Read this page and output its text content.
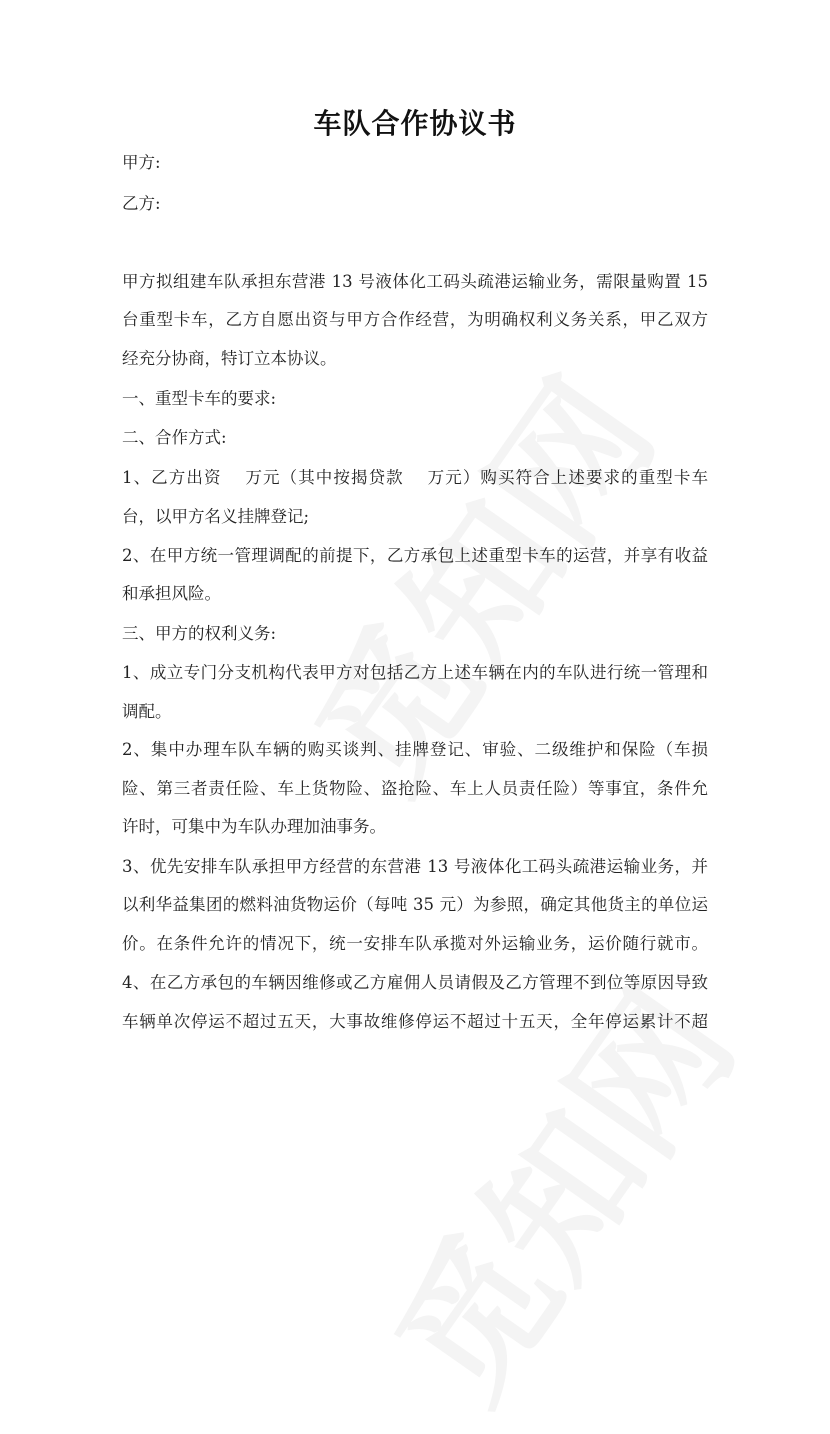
车队合作协议书
甲方:
乙方:
甲方拟组建车队承担东营港 13 号液体化工码头疏港运输业务，需限量购置 15
台重型卡车，乙方自愿出资与甲方合作经营，为明确权利义务关系，甲乙双方
经充分协商，特订立本协议。
一、重型卡车的要求:
二、合作方式:
1、乙方出资　 万元（其中按揭贷款　 万元）购买符合上述要求的重型卡车
台，以甲方名义挂牌登记;
2、在甲方统一管理调配的前提下，乙方承包上述重型卡车的运营，并享有收益
和承担风险。
三、甲方的权利义务:
1、成立专门分支机构代表甲方对包括乙方上述车辆在内的车队进行统一管理和
调配。
2、集中办理车队车辆的购买谈判、挂牌登记、审验、二级维护和保险（车损
险、第三者责任险、车上货物险、盗抢险、车上人员责任险）等事宜，条件允
许时，可集中为车队办理加油事务。
3、优先安排车队承担甲方经营的东营港 13 号液体化工码头疏港运输业务，并
以利华益集团的燃料油货物运价（每吨 35 元）为参照，确定其他货主的单位运
价。在条件允许的情况下，统一安排车队承揽对外运输业务，运价随行就市。
4、在乙方承包的车辆因维修或乙方雇佣人员请假及乙方管理不到位等原因导致
车辆单次停运不超过五天，大事故维修停运不超过十五天，全年停运累计不超
